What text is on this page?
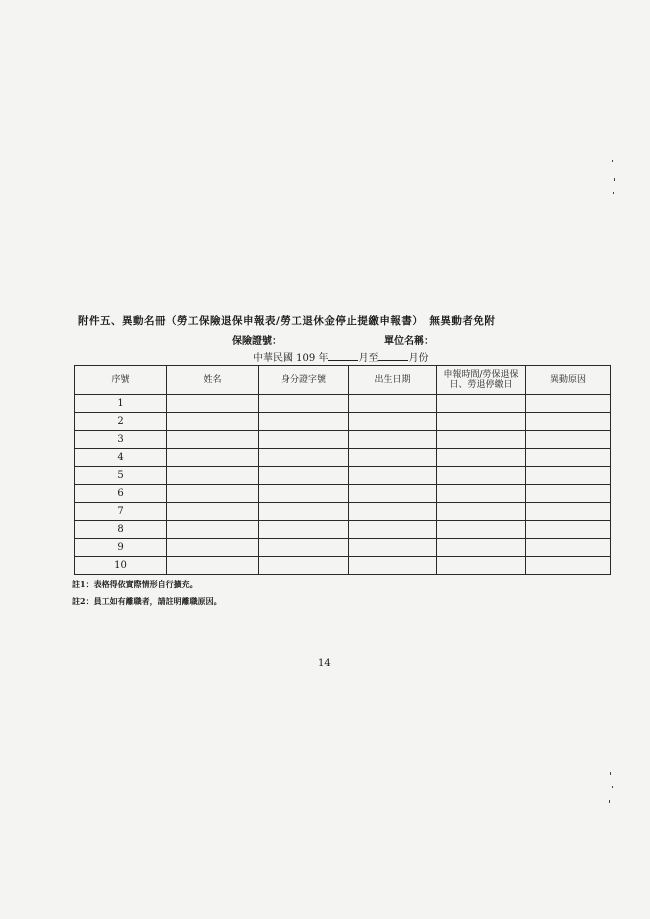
附件五、異動名冊（勞工保險退保申報表/勞工退休金停止提繳申報書） 無異動者免附
保險證號：	單位名稱：
中華民國 109 年	月至	月份
序號	姓名	身分證字號	出生日期	申報時間/勞保退保日、勞退停繳日	異動原因
1					
2					
3					
4					
5					
6					
7					
8					
9					
10					
註1：表格得依實際情形自行擴充。
註2：員工如有離職者，請註明離職原因。
14
